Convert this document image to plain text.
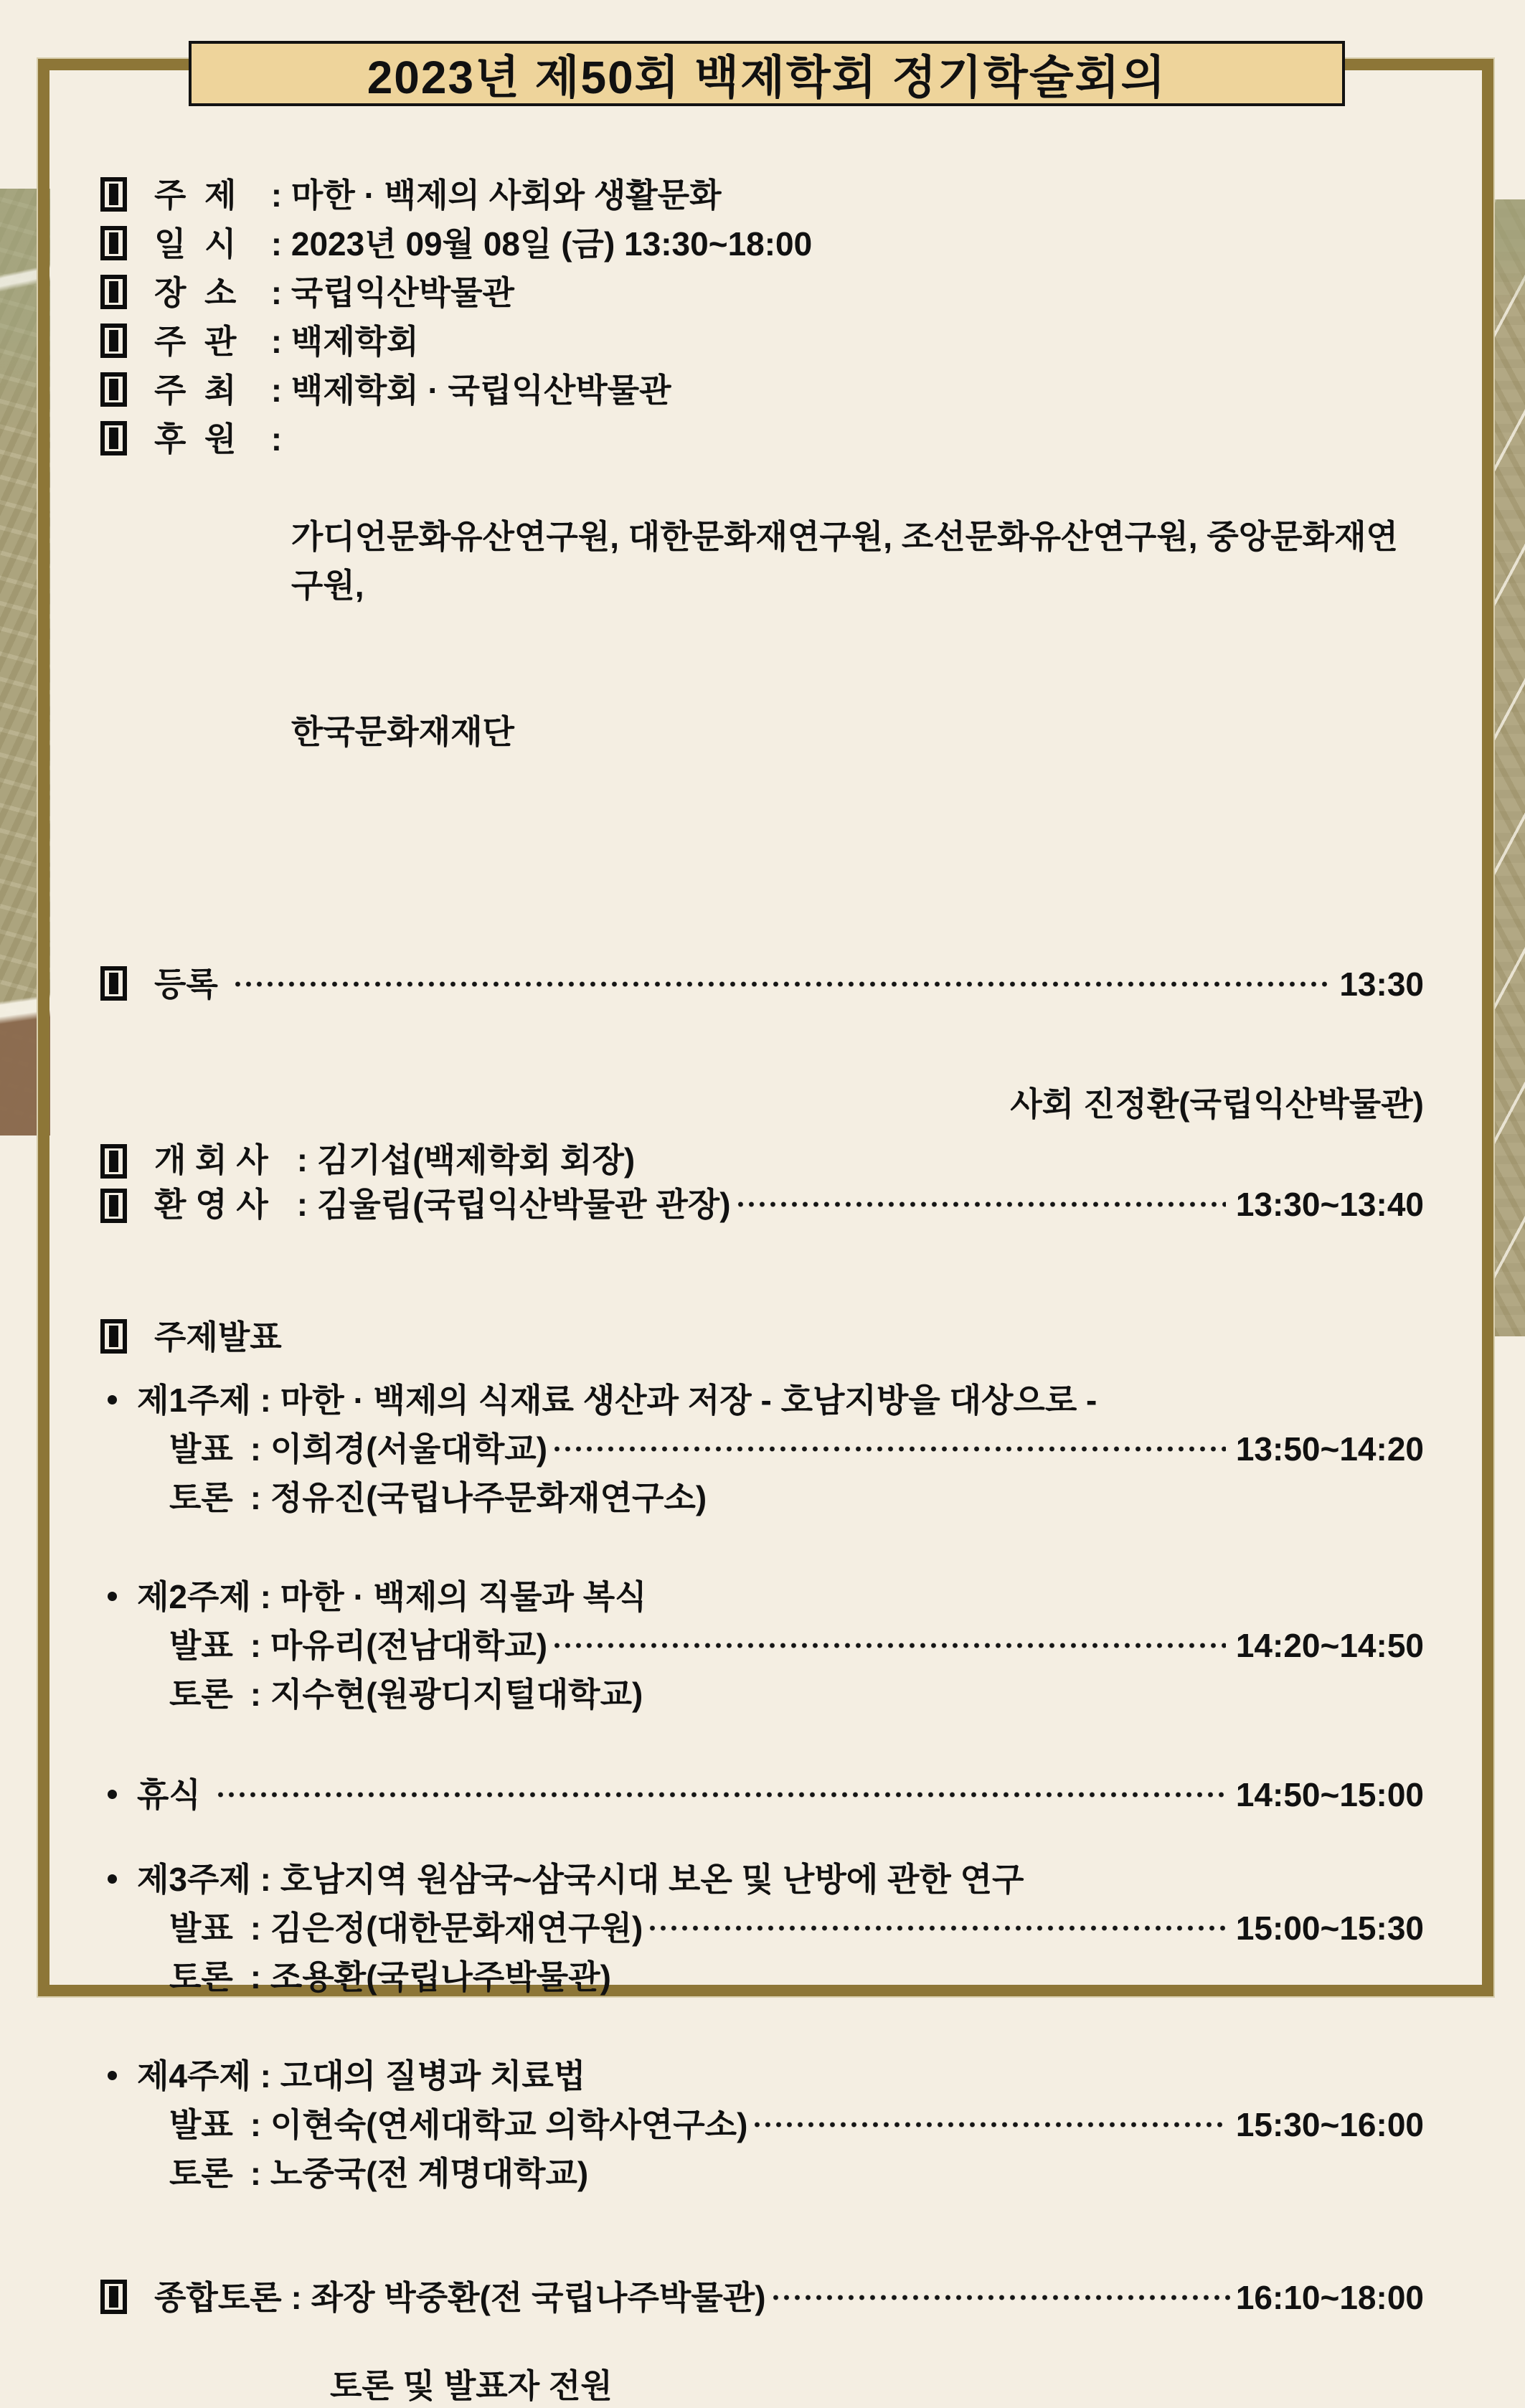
2023년 제50회 백제학회 정기학술회의
주  제 : 마한 · 백제의 사회와 생활문화
일  시 : 2023년 09월 08일 (금) 13:30~18:00
장  소 : 국립익산박물관
주  관 : 백제학회
주  최 : 백제학회 · 국립익산박물관
후  원 :

가디언문화유산연구원, 대한문화재연구원, 조선문화유산연구원, 중앙문화재연구원,

한국문화재재단

등록	13:30
사회 진정환(국립익산박물관)
개 회 사 : 김기섭(백제학회 회장)
환 영 사 : 김울림(국립익산박물관 관장)	13:30~13:40
주제발표
제1주제 : 마한 · 백제의 식재료 생산과 저장 - 호남지방을 대상으로 -
발표 : 이희경(서울대학교)	13:50~14:20
토론 : 정유진(국립나주문화재연구소)
제2주제 : 마한 · 백제의 직물과 복식
발표 : 마유리(전남대학교)	14:20~14:50
토론 : 지수현(원광디지털대학교)
휴식	14:50~15:00
제3주제 : 호남지역 원삼국~삼국시대 보온 및 난방에 관한 연구
발표 : 김은정(대한문화재연구원)	15:00~15:30
토론 : 조용환(국립나주박물관)
제4주제 : 고대의 질병과 치료법
발표 : 이현숙(연세대학교 의학사연구소)	15:30~16:00
토론 : 노중국(전 계명대학교)
종합토론 : 좌장 박중환(전 국립나주박물관)	16:10~18:00
토론 및 발표자 전원
